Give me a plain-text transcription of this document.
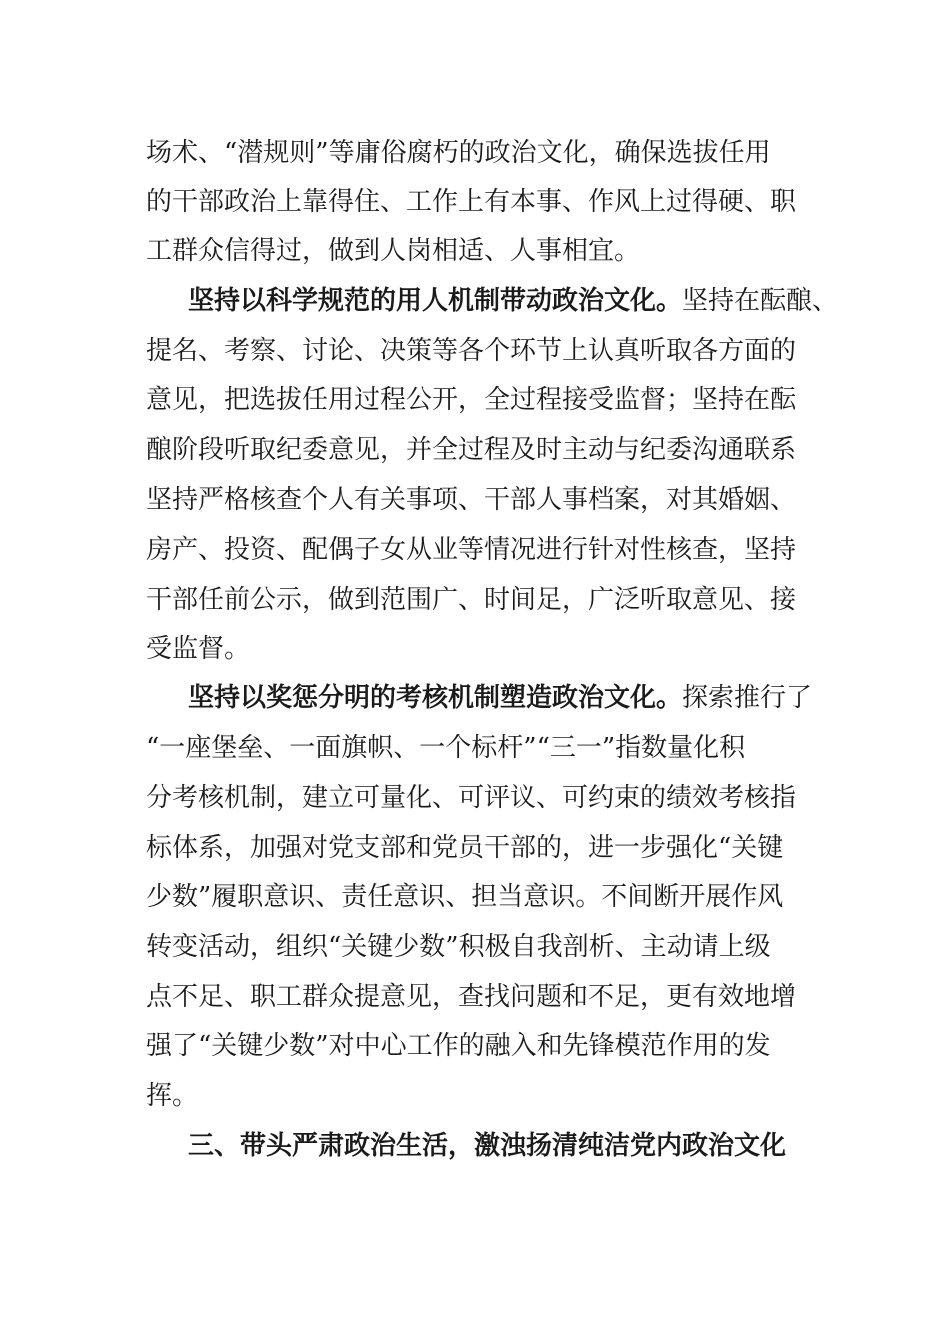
场术、“潜规则”等庸俗腐朽的政治文化，确保选拔任用
的干部政治上靠得住、工作上有本事、作风上过得硬、职
工群众信得过，做到人岗相适、人事相宜。
坚持以科学规范的用人机制带动政治文化。坚持在酝酿、
提名、考察、讨论、决策等各个环节上认真听取各方面的
意见，把选拔任用过程公开，全过程接受监督；坚持在酝
酿阶段听取纪委意见，并全过程及时主动与纪委沟通联系
坚持严格核查个人有关事项、干部人事档案，对其婚姻、
房产、投资、配偶子女从业等情况进行针对性核查，坚持
干部任前公示，做到范围广、时间足，广泛听取意见、接
受监督。
坚持以奖惩分明的考核机制塑造政治文化。探索推行了
“一座堡垒、一面旗帜、一个标杆”“三一”指数量化积
分考核机制，建立可量化、可评议、可约束的绩效考核指
标体系，加强对党支部和党员干部的，进一步强化“关键
少数”履职意识、责任意识、担当意识。不间断开展作风
转变活动，组织“关键少数”积极自我剖析、主动请上级
点不足、职工群众提意见，查找问题和不足，更有效地增
强了“关键少数”对中心工作的融入和先锋模范作用的发
挥。
三、带头严肃政治生活，激浊扬清纯洁党内政治文化
